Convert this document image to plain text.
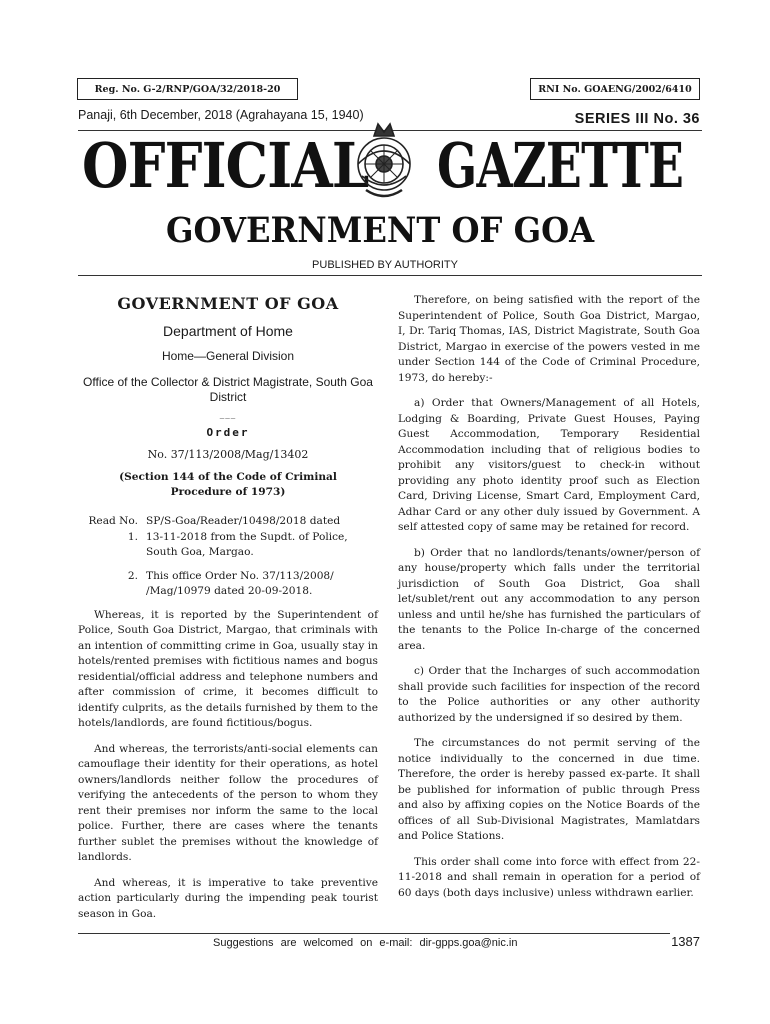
Reg. No. G-2/RNP/GOA/32/2018-20	RNI No. GOAENG/2002/6410
Panaji, 6th December, 2018 (Agrahayana 15, 1940)	SERIES III No. 36
OFFICIAL GAZETTE
GOVERNMENT OF GOA
PUBLISHED BY AUTHORITY
GOVERNMENT OF GOA
Department of Home
Home—General Division
Office of the Collector & District Magistrate, South Goa District
___
Order
No. 37/113/2008/Mag/13402
(Section 144 of the Code of Criminal Procedure of 1973)
Read No. 1.
SP/S-Goa/Reader/10498/2018 dated 13-11-2018 from the Supdt. of Police, South Goa, Margao.
2. This office Order No. 37/113/2008/ /Mag/10979 dated 20-09-2018.

Whereas, it is reported by the Superintendent of Police, South Goa District, Margao, that criminals with an intention of committing crime in Goa, usually stay in hotels/rented premises with fictitious names and bogus residential/official address and telephone numbers and after commission of crime, it becomes difficult to identify culprits, as the details furnished by them to the hotels/landlords, are found fictitious/bogus.

And whereas, the terrorists/anti-social elements can camouflage their identity for their operations, as hotel owners/landlords neither follow the procedures of verifying the antecedents of the person to whom they rent their premises nor inform the same to the local police. Further, there are cases where the tenants further sublet the premises without the knowledge of landlords.

And whereas, it is imperative to take preventive action particularly during the impending peak tourist season in Goa.

Therefore, on being satisfied with the report of the Superintendent of Police, South Goa District, Margao, I, Dr. Tariq Thomas, IAS, District Magistrate, South Goa District, Margao in exercise of the powers vested in me under Section 144 of the Code of Criminal Procedure, 1973, do hereby:-

a) Order that Owners/Management of all Hotels, Lodging & Boarding, Private Guest Houses, Paying Guest Accommodation, Temporary Residential Accommodation including that of religious bodies to prohibit any visitors/guest to check-in without providing any photo identity proof such as Election Card, Driving License, Smart Card, Employment Card, Adhar Card or any other duly issued by Government. A self attested copy of same may be retained for record.

b) Order that no landlords/tenants/owner/person of any house/property which falls under the territorial jurisdiction of South Goa District, Goa shall let/sublet/rent out any accommodation to any person unless and until he/she has furnished the particulars of the tenants to the Police In-charge of the concerned area.

c) Order that the Incharges of such accommodation shall provide such facilities for inspection of the record to the Police authorities or any other authority authorized by the undersigned if so desired by them.

The circumstances do not permit serving of the notice individually to the concerned in due time. Therefore, the order is hereby passed ex-parte. It shall be published for information of public through Press and also by affixing copies on the Notice Boards of the offices of all Sub-Divisional Magistrates, Mamlatdars and Police Stations.

This order shall come into force with effect from 22-11-2018 and shall remain in operation for a period of 60 days (both days inclusive) unless withdrawn earlier.

Suggestions are welcomed on e-mail: dir-gpps.goa@nic.in	1387
